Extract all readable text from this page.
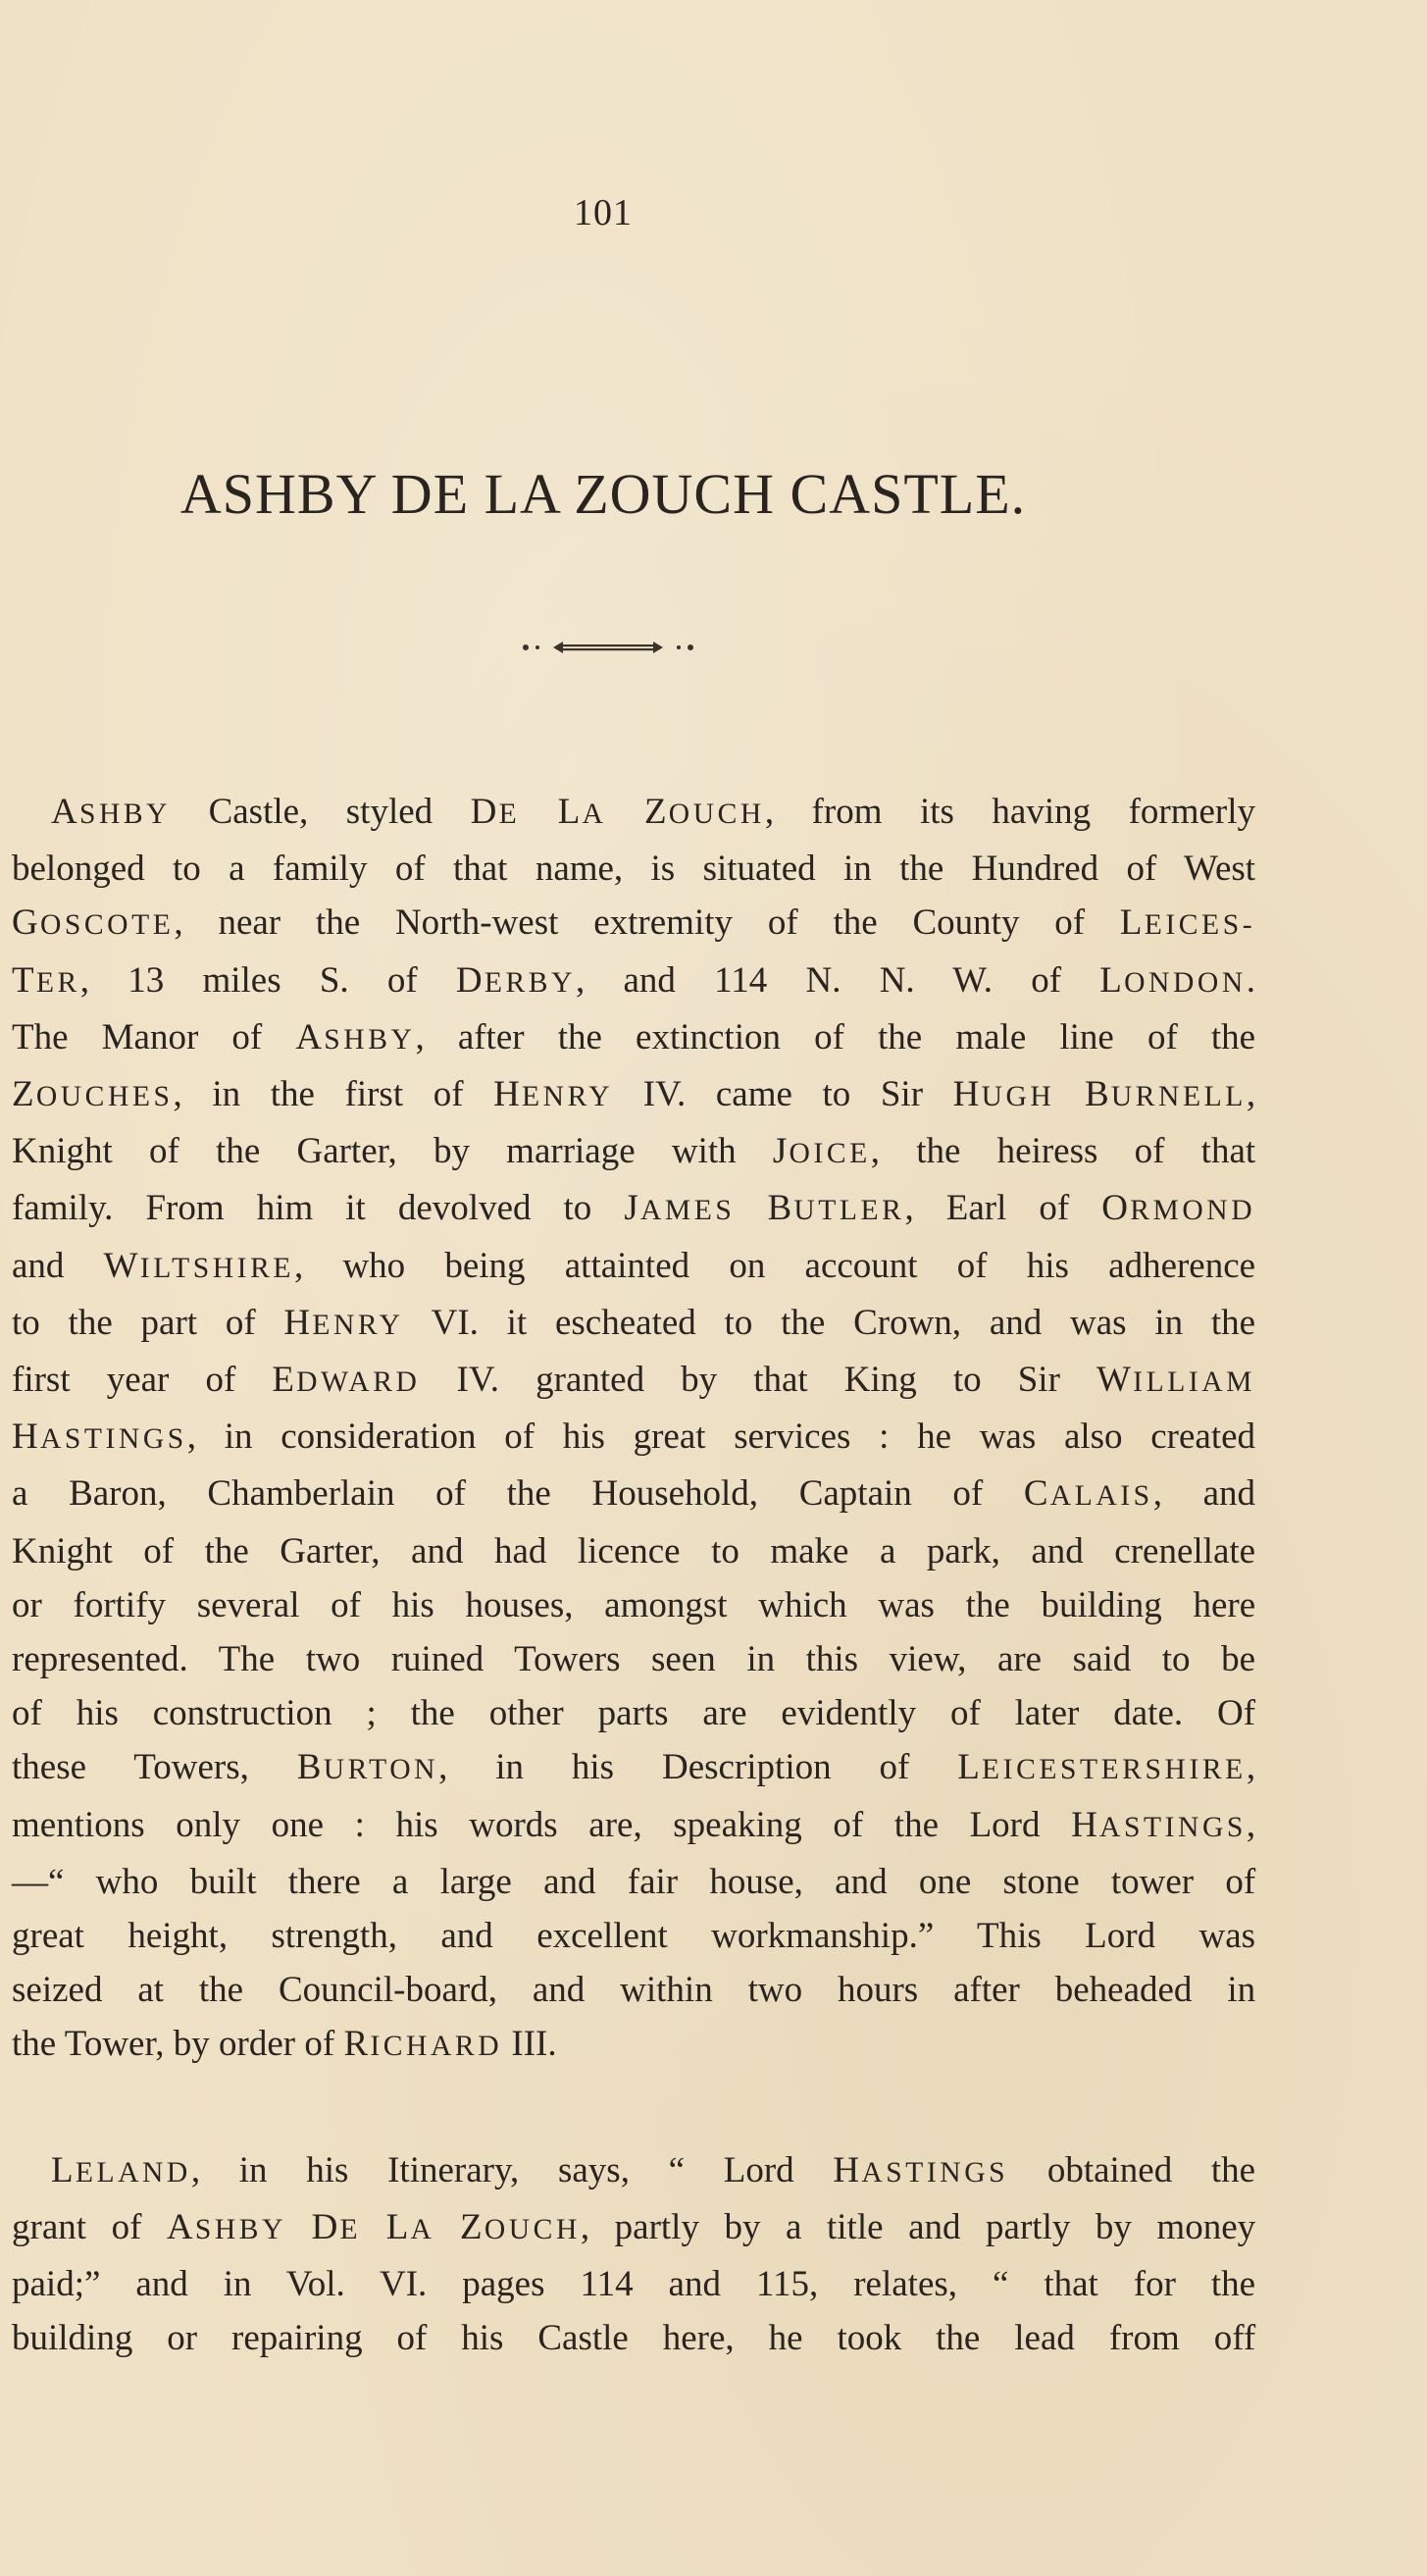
101
ASHBY DE LA ZOUCH CASTLE.
ASHBY Castle, styled DE LA ZOUCH, from its having formerly
belonged to a family of that name, is situated in the Hundred of West
GOSCOTE, near the North-west extremity of the County of LEICES-
TER, 13 miles S. of DERBY, and 114 N. N. W. of LONDON.
The Manor of ASHBY, after the extinction of the male line of the
ZOUCHES, in the first of HENRY IV. came to Sir HUGH BURNELL,
Knight of the Garter, by marriage with JOICE, the heiress of that
family. From him it devolved to JAMES BUTLER, Earl of ORMOND
and WILTSHIRE, who being attainted on account of his adherence
to the part of HENRY VI. it escheated to the Crown, and was in the
first year of EDWARD IV. granted by that King to Sir WILLIAM
HASTINGS, in consideration of his great services : he was also created
a Baron, Chamberlain of the Household, Captain of CALAIS, and
Knight of the Garter, and had licence to make a park, and crenellate
or fortify several of his houses, amongst which was the building here
represented. The two ruined Towers seen in this view, are said to be
of his construction ; the other parts are evidently of later date. Of
these Towers, BURTON, in his Description of LEICESTERSHIRE,
mentions only one : his words are, speaking of the Lord HASTINGS,
—“ who built there a large and fair house, and one stone tower of
great height, strength, and excellent workmanship.” This Lord was
seized at the Council-board, and within two hours after beheaded in
the Tower, by order of RICHARD III.
LELAND, in his Itinerary, says, “ Lord HASTINGS obtained the
grant of ASHBY DE LA ZOUCH, partly by a title and partly by money
paid;” and in Vol. VI. pages 114 and 115, relates, “ that for the
building or repairing of his Castle here, he took the lead from off
